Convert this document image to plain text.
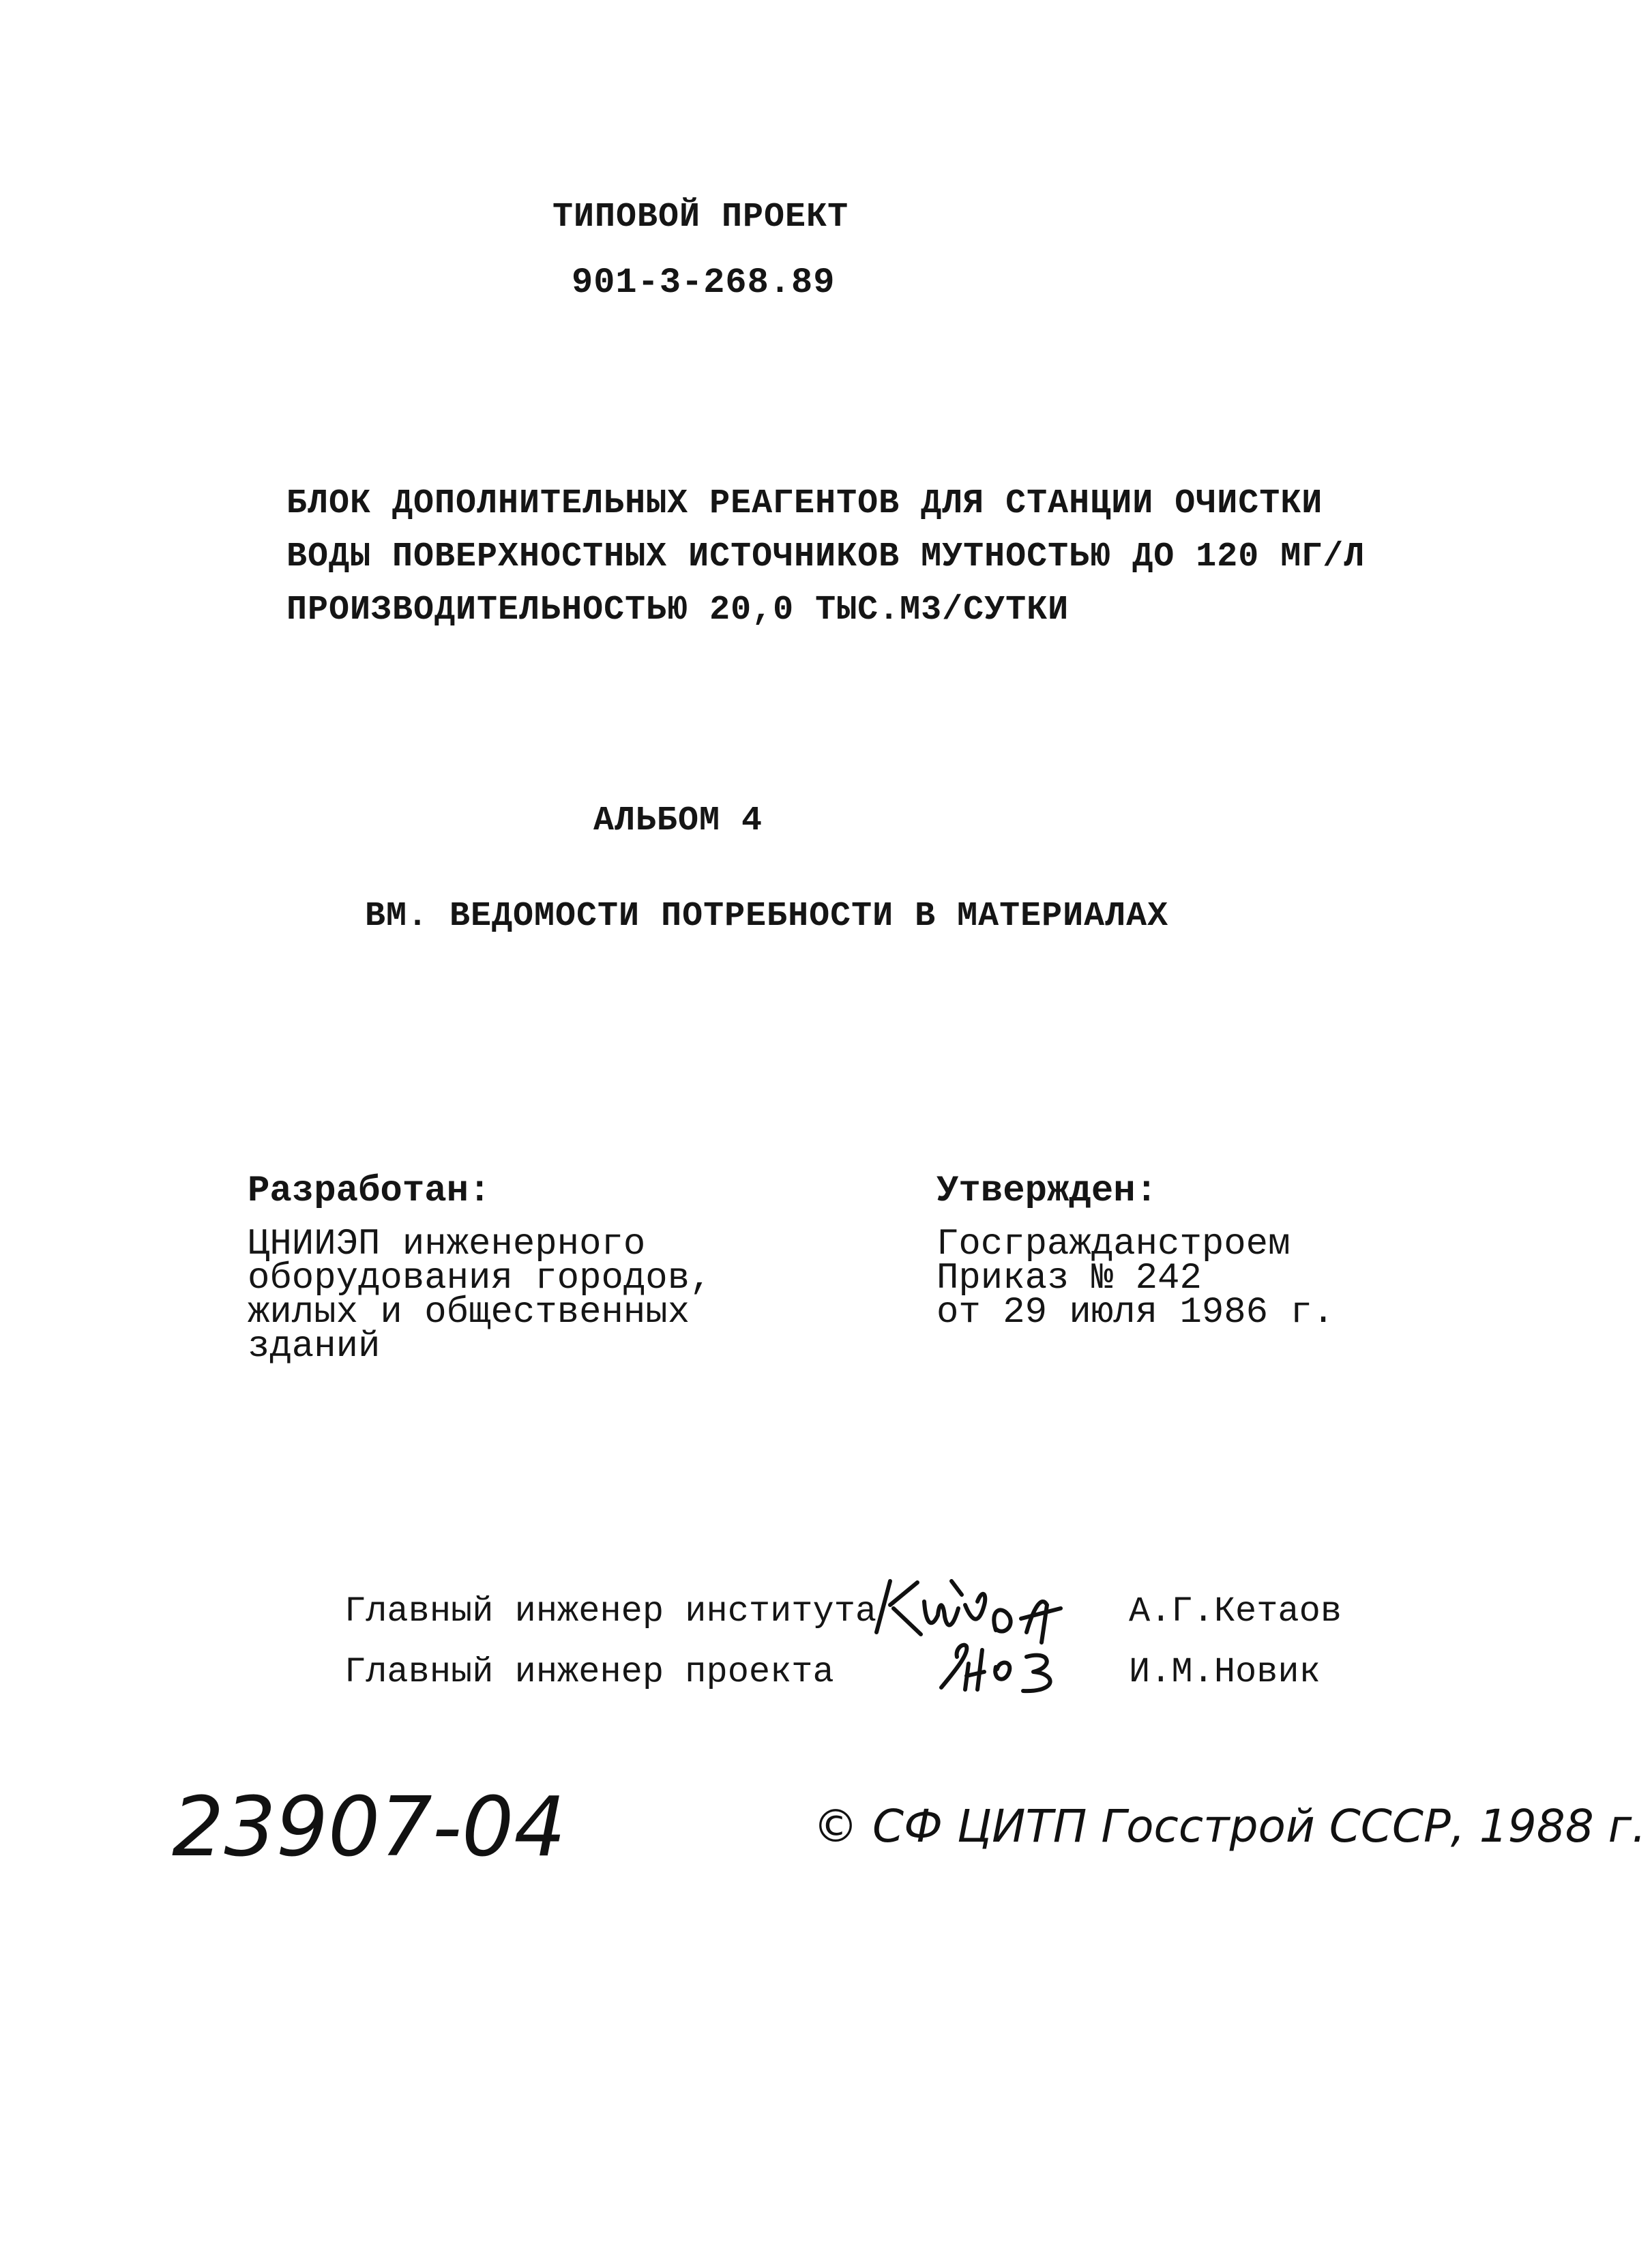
ТИПОВОЙ ПРОЕКТ
901-3-268.89
БЛОК ДОПОЛНИТЕЛЬНЫХ РЕАГЕНТОВ ДЛЯ СТАНЦИИ ОЧИСТКИ
ВОДЫ ПОВЕРХНОСТНЫХ ИСТОЧНИКОВ МУТНОСТЬЮ ДО 120 МГ/Л
ПРОИЗВОДИТЕЛЬНОСТЬЮ 20,0 ТЫС.М3/СУТКИ
АЛЬБОМ 4
ВМ. ВЕДОМОСТИ ПОТРЕБНОСТИ В МАТЕРИАЛАХ
Разработан:
ЦНИИЭП инженерного
оборудования городов,
жилых и общественных
зданий
Утвержден:
Госгражданстроем
Приказ № 242
от 29 июля 1986 г.
Главный инженер института	А.Г.Кетаов
Главный инженер проекта	И.М.Новик
23907-04	© СФ ЦИТП Госстрой СССР, 1988 г.
